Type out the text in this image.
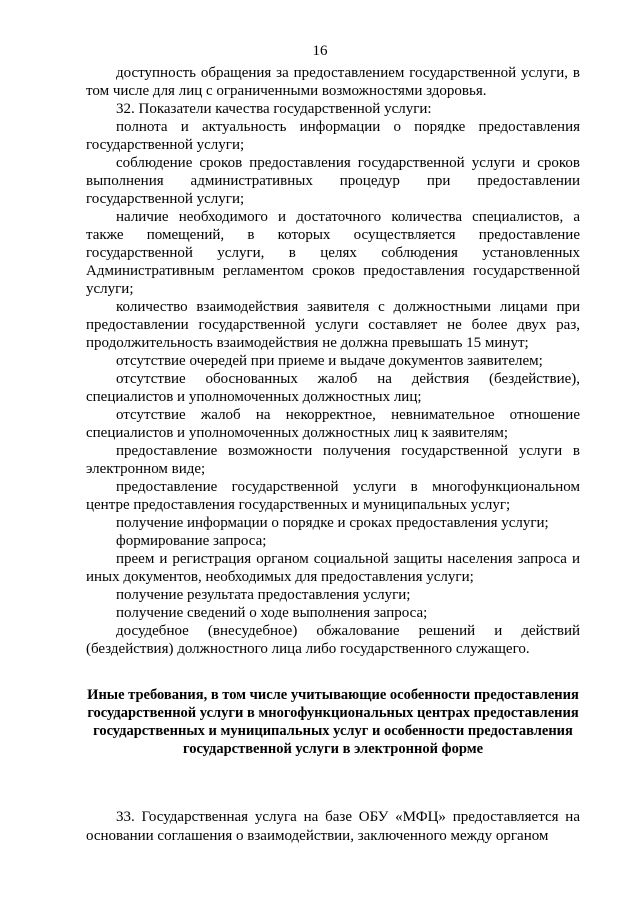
16

доступность обращения за предоставлением государственной услуги, в том числе для лиц с ограниченными возможностями здоровья.

32. Показатели качества государственной услуги:

полнота и актуальность информации о порядке предоставления государственной услуги;

соблюдение сроков предоставления государственной услуги и сроков выполнения административных процедур при предоставлении государственной услуги;

наличие необходимого и достаточного количества специалистов, а также помещений, в которых осуществляется предоставление государственной услуги, в целях соблюдения установленных Административным регламентом сроков предоставления государственной услуги;

количество взаимодействия заявителя с должностными лицами при предоставлении государственной услуги составляет не более двух раз, продолжительность взаимодействия не должна превышать 15 минут;

отсутствие очередей при приеме и выдаче документов заявителем;

отсутствие обоснованных жалоб на действия (бездействие), специалистов и уполномоченных должностных лиц;

отсутствие жалоб на некорректное, невнимательное отношение специалистов и уполномоченных должностных лиц к заявителям;

предоставление возможности получения государственной услуги в электронном виде;

предоставление государственной услуги в многофункциональном центре предоставления государственных и муниципальных услуг;

получение информации о порядке и сроках предоставления услуги;

формирование запроса;

преем и регистрация органом социальной защиты населения запроса и иных документов, необходимых для предоставления услуги;

получение результата предоставления услуги;

получение сведений о ходе выполнения запроса;

досудебное (внесудебное) обжалование решений и действий (бездействия) должностного лица либо государственного служащего.

Иные требования, в том числе учитывающие особенности предоставления государственной услуги в многофункциональных центрах предоставления государственных и муниципальных услуг и особенности предоставления государственной услуги в электронной форме

33. Государственная услуга на базе ОБУ «МФЦ» предоставляется на основании соглашения о взаимодействии, заключенного между органом
